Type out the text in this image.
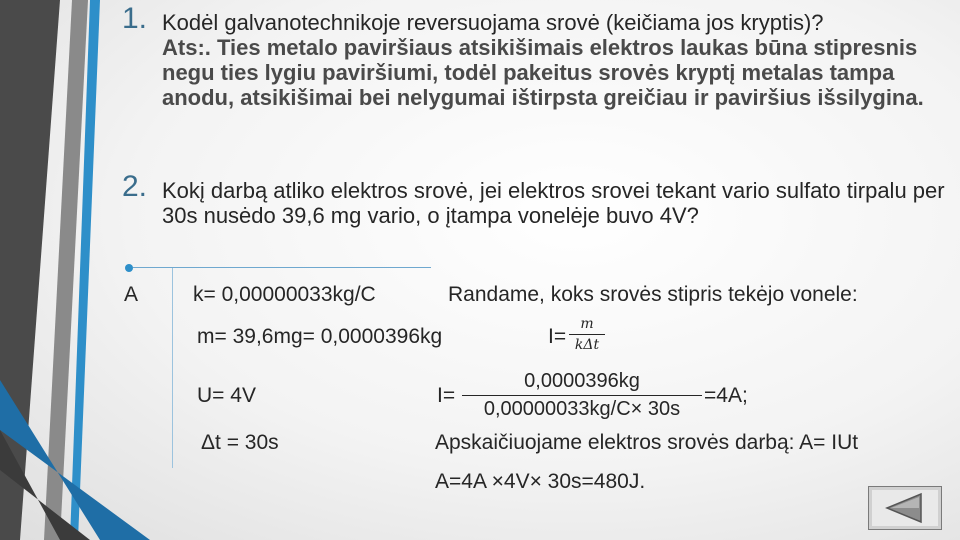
1. Kodėl galvanotechnikoje reversuojama srovė (keičiama jos kryptis)?
Ats:. Ties metalo paviršiaus atsikišimais elektros laukas būna stipresnis negu ties lygiu paviršiumi, todėl pakeitus srovės kryptį metalas tampa anodu, atsikišimai bei nelygumai ištirpsta greičiau ir paviršius išsilygina.
2. Kokį darbą atliko elektros srovė, jei elektros srovei tekant vario sulfato tirpalu per 30s nusėdo 39,6 mg vario, o įtampa vonelėje buvo 4V?
A	k= 0,00000033kg/C	Randame, koks srovės stipris tekėjo vonele:
m= 39,6mg= 0,0000396kg	I=
m
kΔt
U= 4V	I=
0,0000396kg
0,00000033kg/C× 30s
=4A;
Δt = 30s	Apskaičiuojame elektros srovės darbą: A= IUt
A=4A ×4V× 30s=480J.
